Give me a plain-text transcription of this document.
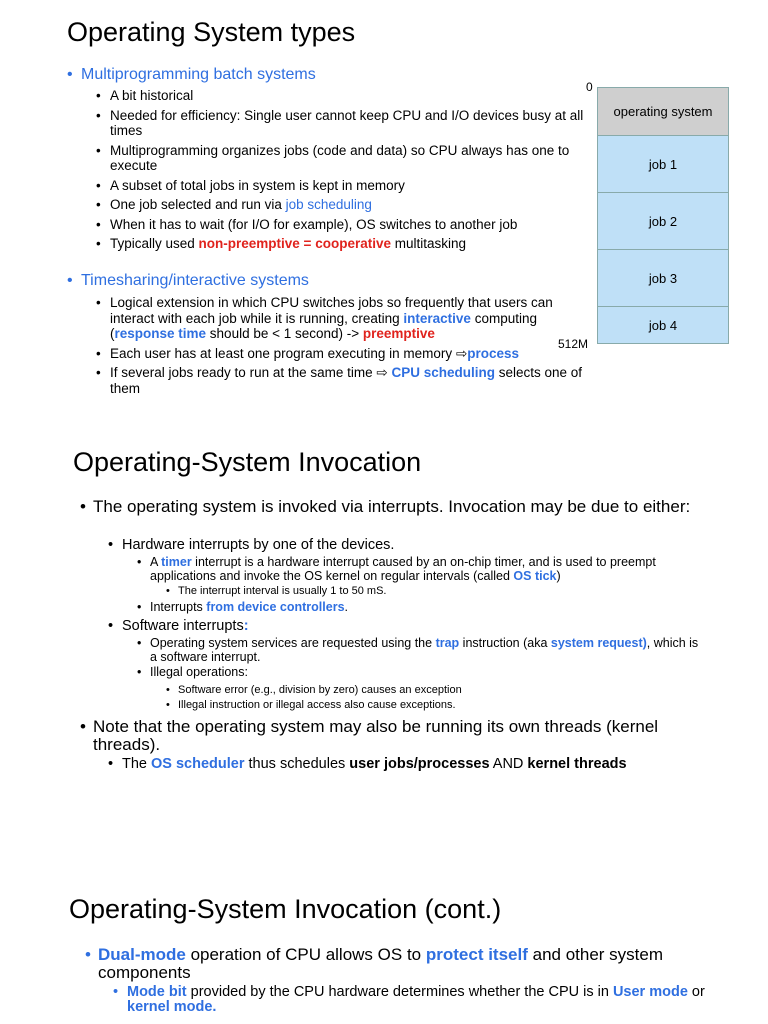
Operating System types
• Multiprogramming batch systems
• A bit historical
• Needed for efficiency: Single user cannot keep CPU and I/O devices busy at all times
• Multiprogramming organizes jobs (code and data) so CPU always has one to execute
• A subset of total jobs in system is kept in memory
• One job selected and run via job scheduling
• When it has to wait (for I/O for example), OS switches to another job
• Typically used non-preemptive = cooperative multitasking
• Timesharing/interactive systems
• Logical extension in which CPU switches jobs so frequently that users can interact with each job while it is running, creating interactive computing (response time should be < 1 second) -> preemptive
• Each user has at least one program executing in memory ⇨process
• If several jobs ready to run at the same time ⇨ CPU scheduling selects one of them
0
operating system
job 1
job 2
job 3
job 4
512M
Operating-System Invocation
• The operating system is invoked via interrupts. Invocation may be due to either:
• Hardware interrupts by one of the devices.
• A timer interrupt is a hardware interrupt caused by an on-chip timer, and is used to preempt applications and invoke the OS kernel on regular intervals (called OS tick)
• The interrupt interval is usually 1 to 50 mS.
• Interrupts from device controllers.
• Software interrupts:
• Operating system services are requested using the trap instruction (aka system request), which is a software interrupt.
• Illegal operations:
• Software error (e.g., division by zero) causes an exception
• Illegal instruction or illegal access also cause exceptions.
• Note that the operating system may also be running its own threads (kernel threads).
• The OS scheduler thus schedules user jobs/processes AND kernel threads
Operating-System Invocation (cont.)
• Dual-mode operation of CPU allows OS to protect itself and other system components
• Mode bit provided by the CPU hardware determines whether the CPU is in User mode or kernel mode.
